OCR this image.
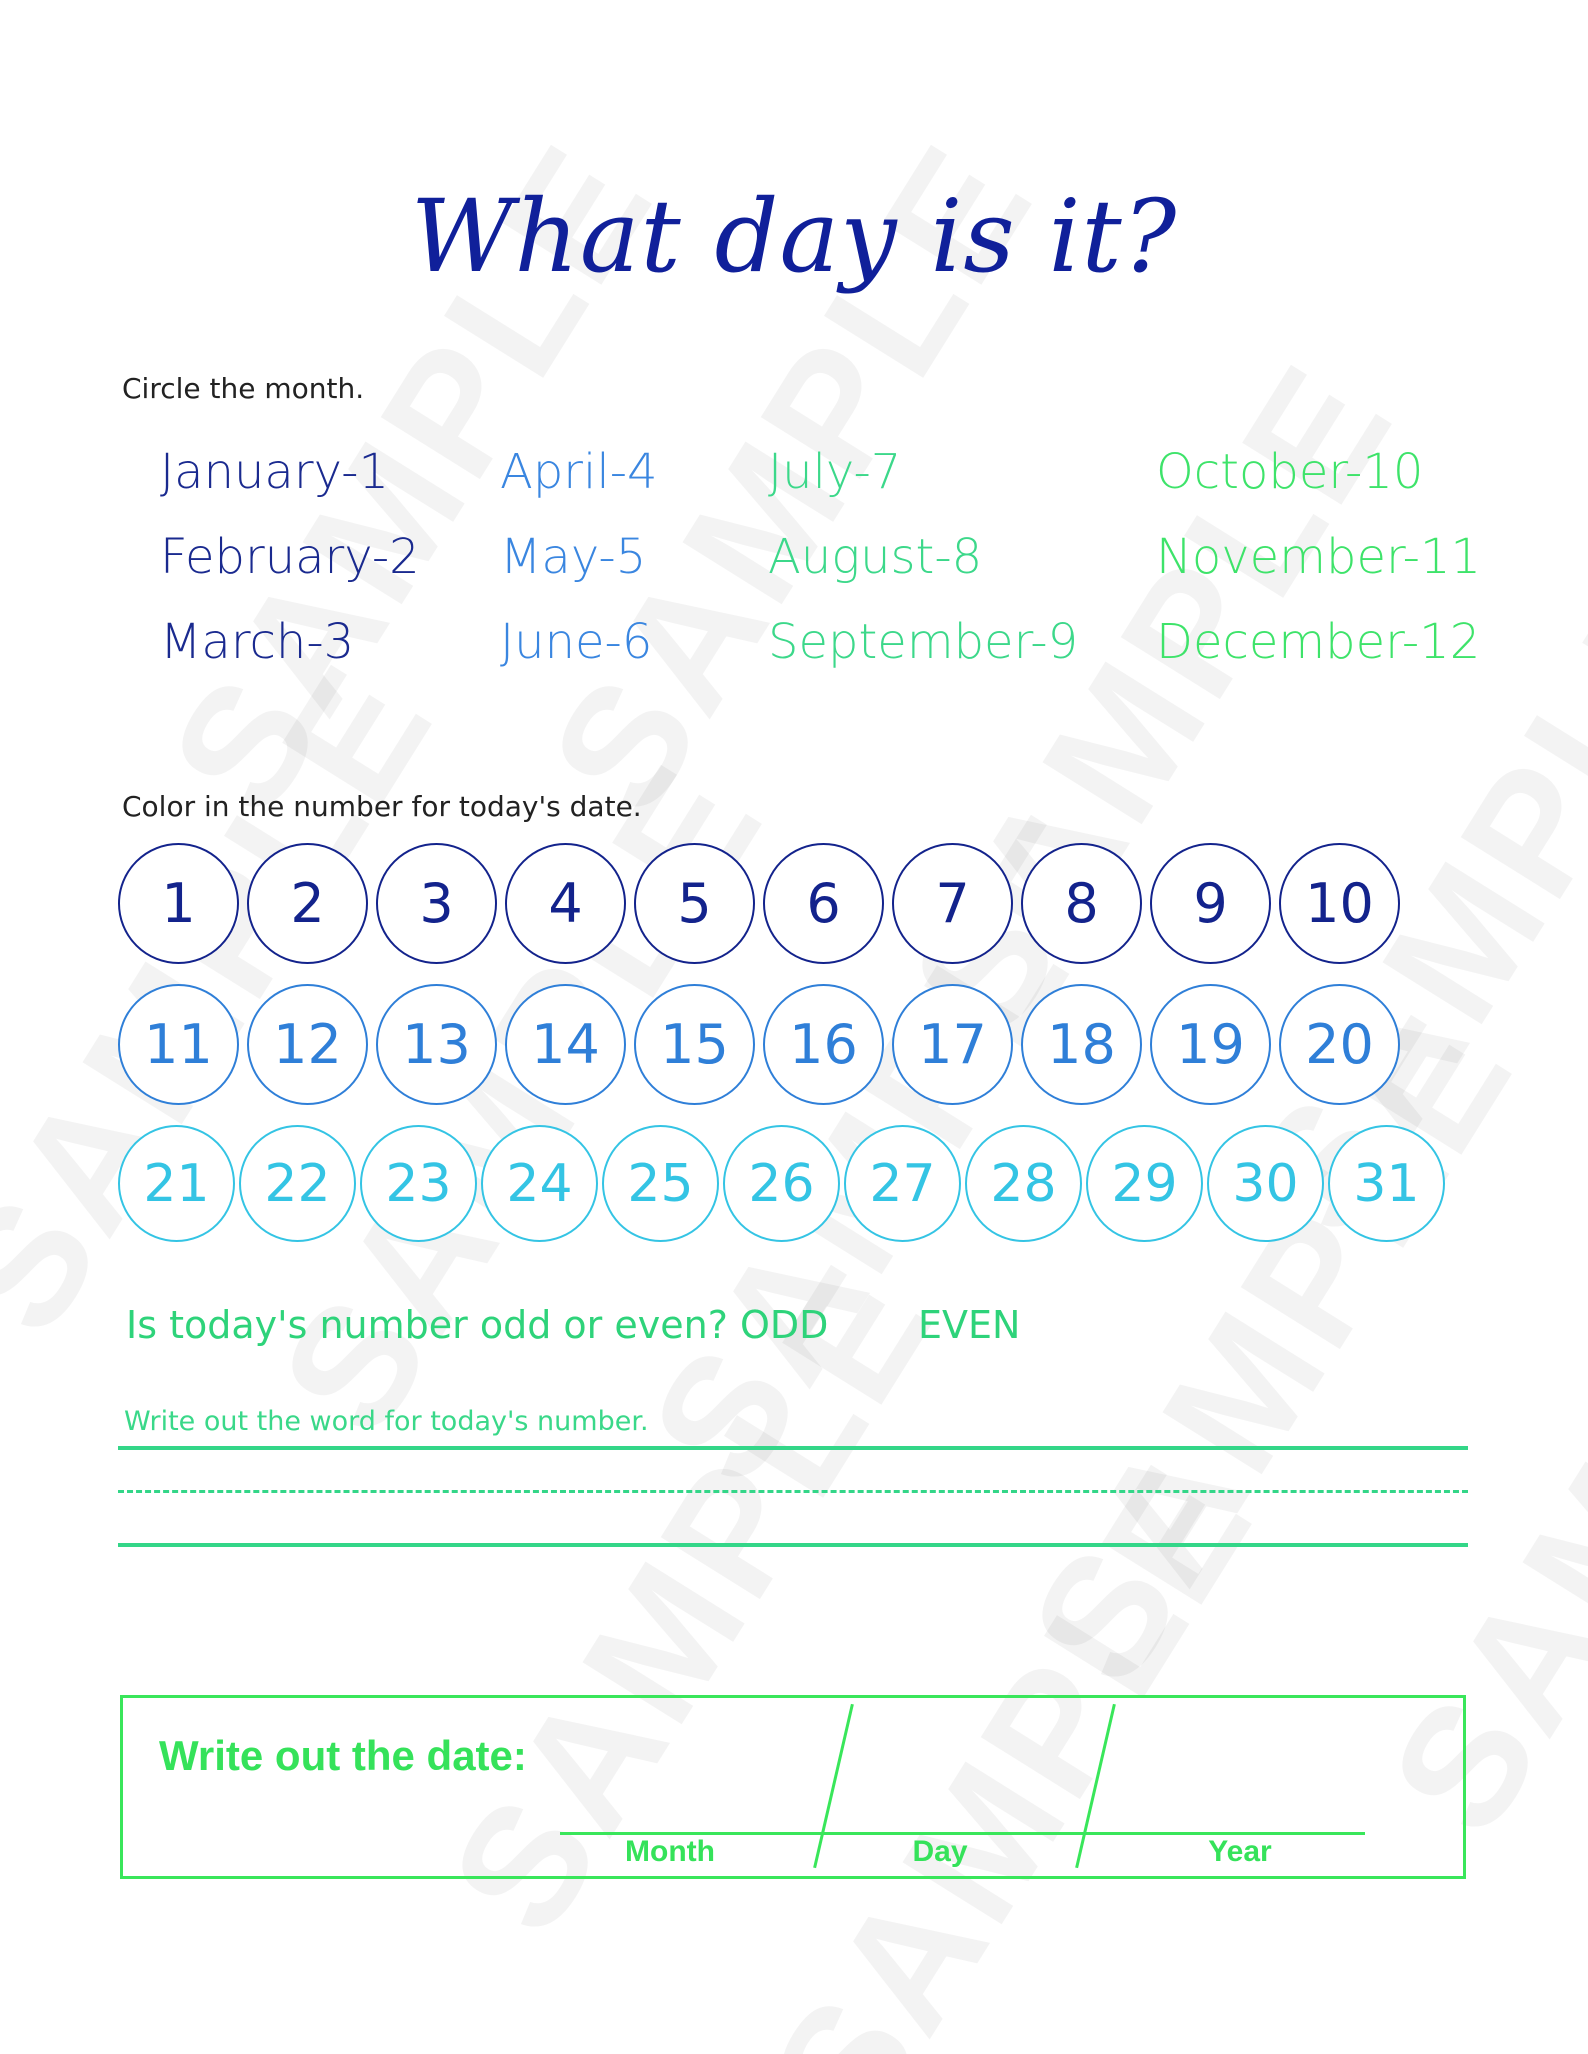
What day is it?
Circle the month.
January-1
February-2
March-3
April-4
May-5
June-6
July-7
August-8
September-9
October-10
November-11
December-12
Color in the number for today's date.
1	2	3	4	5	6	7	8	9	10
11	12	13	14	15	16	17	18	19	20
21	22	23	24	25	26	27	28	29	30	31
Is today's number odd or even? ODD EVEN
Write out the word for today's number.
Write out the date:
Month	Day	Year
